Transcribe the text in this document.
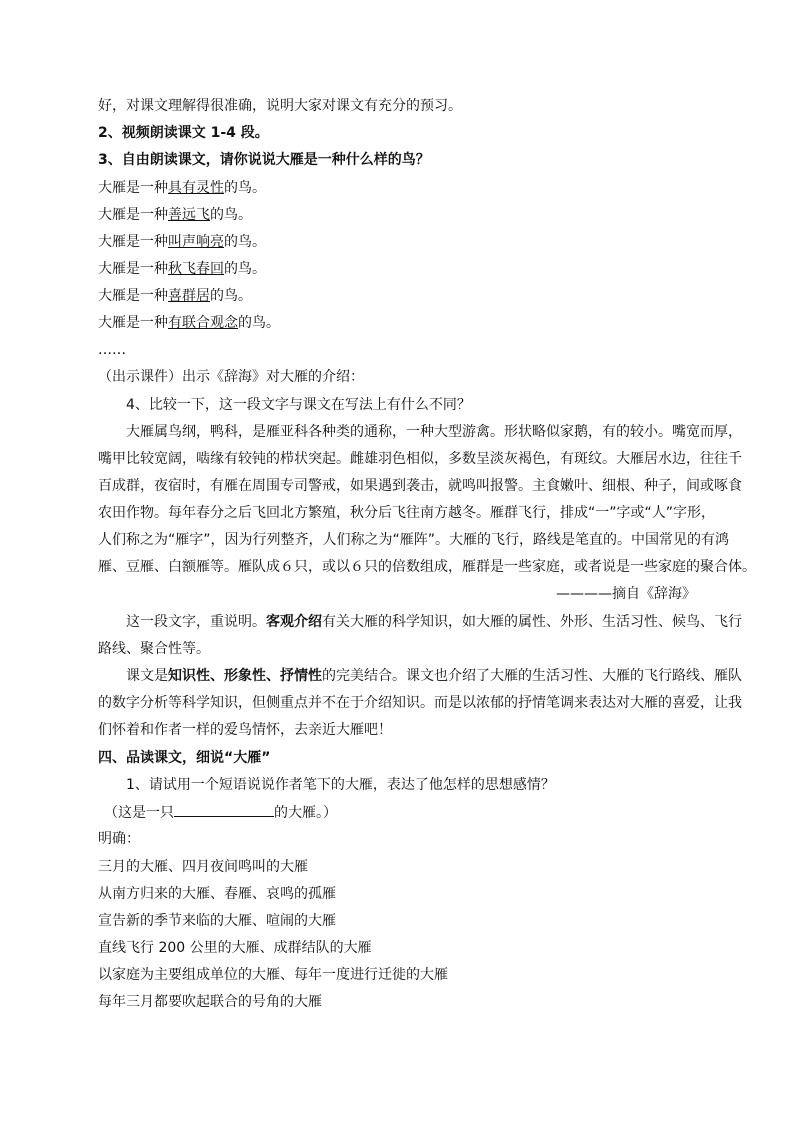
好，对课文理解得很准确，说明大家对课文有充分的预习。
2、视频朗读课文 1-4 段。
3、自由朗读课文，请你说说大雁是一种什么样的鸟？
大雁是一种具有灵性的鸟。
大雁是一种善远飞的鸟。
大雁是一种叫声响亮的鸟。
大雁是一种秋飞春回的鸟。
大雁是一种喜群居的鸟。
大雁是一种有联合观念的鸟。
……
（出示课件）出示《辞海》对大雁的介绍：
4、比较一下，这一段文字与课文在写法上有什么不同？
大雁属鸟纲，鸭科，是雁亚科各种类的通称，一种大型游禽。形状略似家鹅，有的较小。嘴宽而厚，
嘴甲比较宽阔，啮缘有较钝的栉状突起。雌雄羽色相似，多数呈淡灰褐色，有斑纹。大雁居水边，往往千
百成群，夜宿时，有雁在周围专司警戒，如果遇到袭击，就鸣叫报警。主食嫩叶、细根、种子，间或啄食
农田作物。每年春分之后飞回北方繁殖，秋分后飞往南方越冬。雁群飞行，排成“一”字或“人”字形，
人们称之为“雁字”，因为行列整齐，人们称之为“雁阵”。大雁的飞行，路线是笔直的。中国常见的有鸿
雁、豆雁、白额雁等。雁队成６只，或以６只的倍数组成，雁群是一些家庭，或者说是一些家庭的聚合体。
————摘自《辞海》
这一段文字，重说明。客观介绍有关大雁的科学知识，如大雁的属性、外形、生活习性、候鸟、飞行
路线、聚合性等。
课文是知识性、形象性、抒情性的完美结合。课文也介绍了大雁的生活习性、大雁的飞行路线、雁队
的数字分析等科学知识，但侧重点并不在于介绍知识。而是以浓郁的抒情笔调来表达对大雁的喜爱，让我
们怀着和作者一样的爱鸟情怀，去亲近大雁吧！
四、品读课文，细说“大雁”
1、请试用一个短语说说作者笔下的大雁，表达了他怎样的思想感情？
（这是一只	的大雁。）
明确：
三月的大雁、四月夜间鸣叫的大雁
从南方归来的大雁、春雁、哀鸣的孤雁
宣告新的季节来临的大雁、喧闹的大雁
直线飞行 200 公里的大雁、成群结队的大雁
以家庭为主要组成单位的大雁、每年一度进行迁徙的大雁
每年三月都要吹起联合的号角的大雁
